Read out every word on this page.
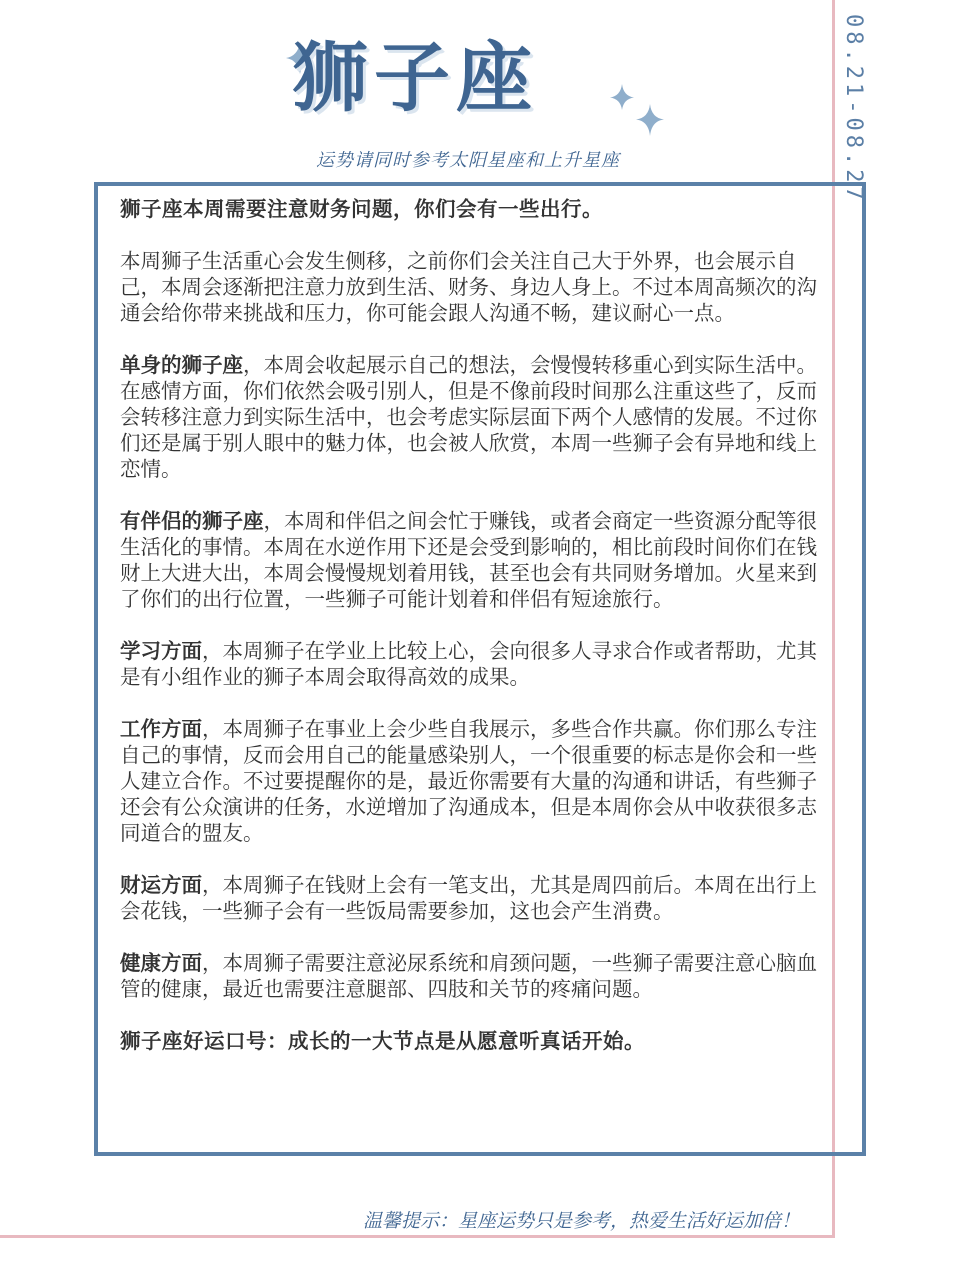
08.21-08.27
狮子座
运势请同时参考太阳星座和上升星座

狮子座本周需要注意财务问题，你们会有一些出行。

本周狮子生活重心会发生侧移，之前你们会关注自己大于外界，也会展示自己，本周会逐渐把注意力放到生活、财务、身边人身上。不过本周高频次的沟通会给你带来挑战和压力，你可能会跟人沟通不畅，建议耐心一点。

单身的狮子座，本周会收起展示自己的想法，会慢慢转移重心到实际生活中。在感情方面，你们依然会吸引别人，但是不像前段时间那么注重这些了，反而会转移注意力到实际生活中，也会考虑实际层面下两个人感情的发展。不过你们还是属于别人眼中的魅力体，也会被人欣赏，本周一些狮子会有异地和线上恋情。

有伴侣的狮子座，本周和伴侣之间会忙于赚钱，或者会商定一些资源分配等很生活化的事情。本周在水逆作用下还是会受到影响的，相比前段时间你们在钱财上大进大出，本周会慢慢规划着用钱，甚至也会有共同财务增加。火星来到了你们的出行位置，一些狮子可能计划着和伴侣有短途旅行。

学习方面，本周狮子在学业上比较上心，会向很多人寻求合作或者帮助，尤其是有小组作业的狮子本周会取得高效的成果。

工作方面，本周狮子在事业上会少些自我展示，多些合作共赢。你们那么专注自己的事情，反而会用自己的能量感染别人，一个很重要的标志是你会和一些人建立合作。不过要提醒你的是，最近你需要有大量的沟通和讲话，有些狮子还会有公众演讲的任务，水逆增加了沟通成本，但是本周你会从中收获很多志同道合的盟友。

财运方面，本周狮子在钱财上会有一笔支出，尤其是周四前后。本周在出行上会花钱，一些狮子会有一些饭局需要参加，这也会产生消费。

健康方面，本周狮子需要注意泌尿系统和肩颈问题，一些狮子需要注意心脑血管的健康，最近也需要注意腿部、四肢和关节的疼痛问题。

狮子座好运口号：成长的一大节点是从愿意听真话开始。

温馨提示：星座运势只是参考，热爱生活好运加倍！
